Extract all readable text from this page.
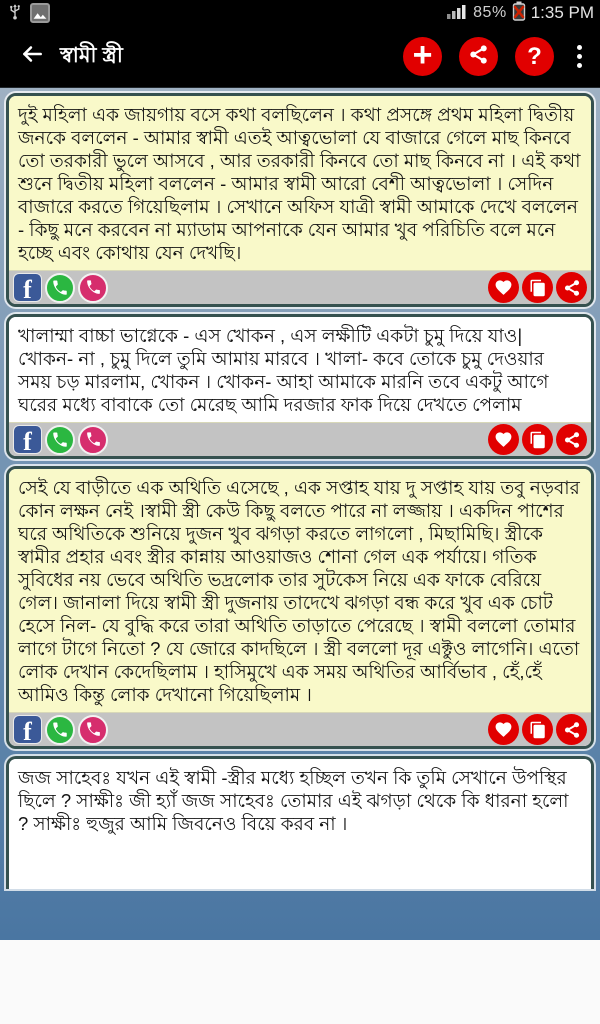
85% 1:35 PM
স্বামী স্ত্রী	+	?
দুই মহিলা এক জায়গায় বসে কথা বলছিলেন । কথা প্রসঙ্গে প্রথম মহিলা দ্বিতীয় জনকে বললেন - আমার স্বামী এতই আত্বভোলা যে বাজারে গেলে মাছ কিনবে তো তরকারী ভুলে আসবে , আর তরকারী কিনবে তো মাছ কিনবে না । এই কথা শুনে দ্বিতীয় মহিলা বললেন - আমার স্বামী আরো বেশী আত্বভোলা । সেদিন বাজারে করতে গিয়েছিলাম । সেখানে অফিস যাত্রী স্বামী আমাকে দেখে বললেন - কিছু মনে করবেন না ম্যাডাম আপনাকে যেন আমার খুব পরিচিতি বলে মনে হচ্ছে এবং কোথায় যেন দেখছি।
f
খালাম্মা বাচ্চা ভাগ্নেকে - এস খোকন , এস লক্ষীটি একটা চুমু দিয়ে যাও| খোকন- না , চুমু দিলে তুমি আমায় মারবে । খালা- কবে তোকে চুমু দেওয়ার সময় চড় মারলাম, খোকন । খোকন- আহা আমাকে মারনি তবে একটু আগে ঘরের মধ্যে বাবাকে তো মেরেছ আমি দরজার ফাক দিয়ে দেখতে পেলাম
f
সেই যে বাড়ীতে এক অথিতি এসেছে , এক সপ্তাহ যায় দু সপ্তাহ যায় তবু নড়বার কোন লক্ষন নেই ।স্বামী স্ত্রী কেউ কিছু বলতে পারে না লজ্জায় । একদিন পাশের ঘরে অথিতিকে শুনিয়ে দুজন খুব ঝগড়া করতে লাগলো , মিছামিছি। স্ত্রীকে স্বামীর প্রহার এবং স্ত্রীর কান্নায় আওয়াজও শোনা গেল এক পর্যায়ে। গতিক সুবিধের নয় ভেবে অথিতি ভদ্রলোক তার সুটকেস নিয়ে এক ফাকে বেরিয়ে গেল। জানালা দিয়ে স্বামী স্ত্রী দুজনায় তাদেখে ঝগড়া বন্ধ করে খুব এক চোট হেসে নিল- যে বুদ্ধি করে তারা অথিতি তাড়াতে পেরেছে । স্বামী বললো তোমার লাগে টাগে নিতো ? যে জোরে কাদছিলে । স্ত্রী বললো দূর এক্টুও লাগেনি। এতো লোক দেখান কেদেছিলাম । হাসিমুখে এক সময় অথিতির আর্বিভাব , হেঁ,হেঁ আমিও কিন্তু লোক দেখানো গিয়েছিলাম ।
f
জজ সাহেবঃ যখন এই স্বামী -স্ত্রীর মধ্যে হচ্ছিল তখন কি তুমি সেখানে উপস্থির ছিলে ? সাক্ষীঃ জী হ্যাঁ জজ সাহেবঃ তোমার এই ঝগড়া থেকে কি ধারনা হলো ? সাক্ষীঃ হুজুর আমি জিবনেও বিয়ে করব না ।
